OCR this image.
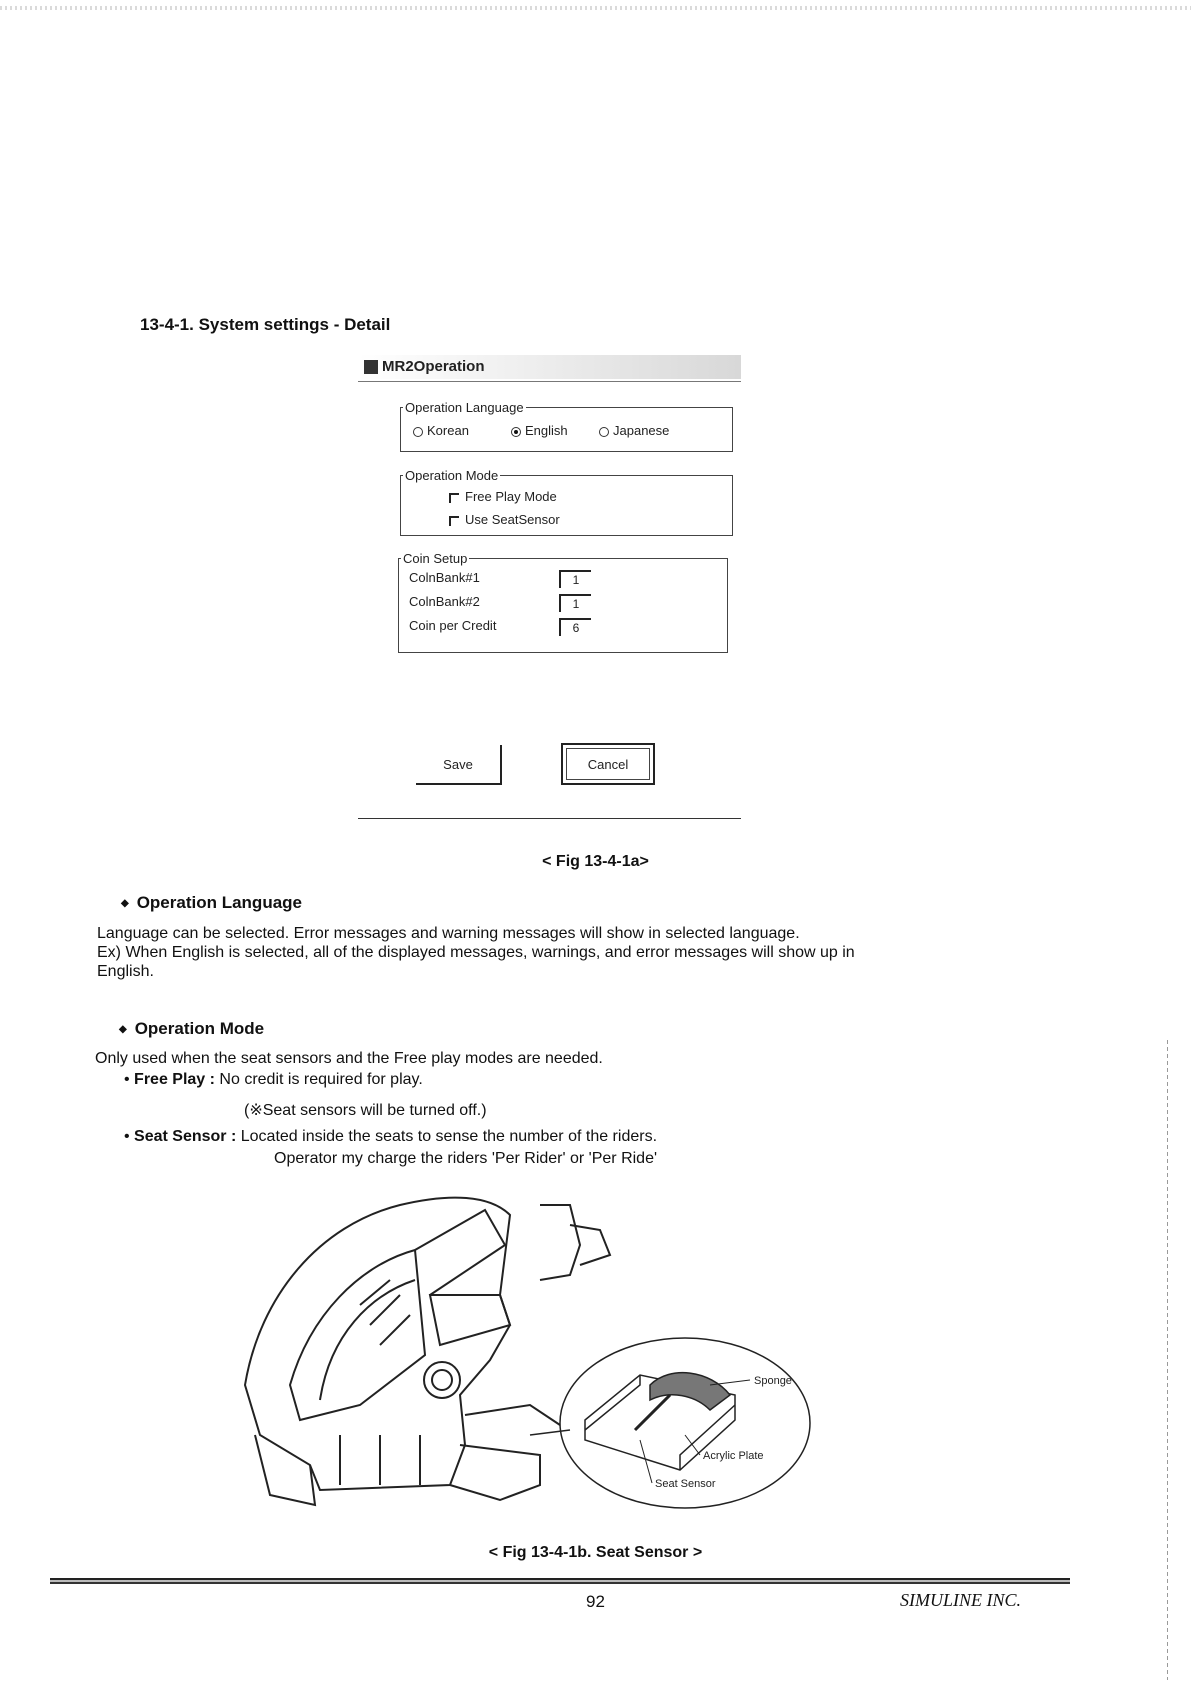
13-4-1. System settings - Detail
MR2Operation
Operation Language
Korean	English	Japanese
Operation Mode
Free Play Mode
Use SeatSensor
Coin Setup
ColnBank#1	1
ColnBank#2	1
Coin per Credit	6
Save	Cancel
< Fig 13-4-1a>
◆ Operation Language
Language can be selected. Error messages and warning messages will show in selected language.
Ex) When English is selected, all of the displayed messages, warnings, and error messages will show up in
English.
◆ Operation Mode
Only used when the seat sensors and the Free play modes are needed.
• Free Play : No credit is required for play.
(※Seat sensors will be turned off.)
• Seat Sensor : Located inside the seats to sense the number of the riders.
Operator my charge the riders 'Per Rider' or 'Per Ride'
Sponge
Acrylic Plate
Seat Sensor
< Fig 13-4-1b. Seat Sensor >
92	SIMULINE INC.
